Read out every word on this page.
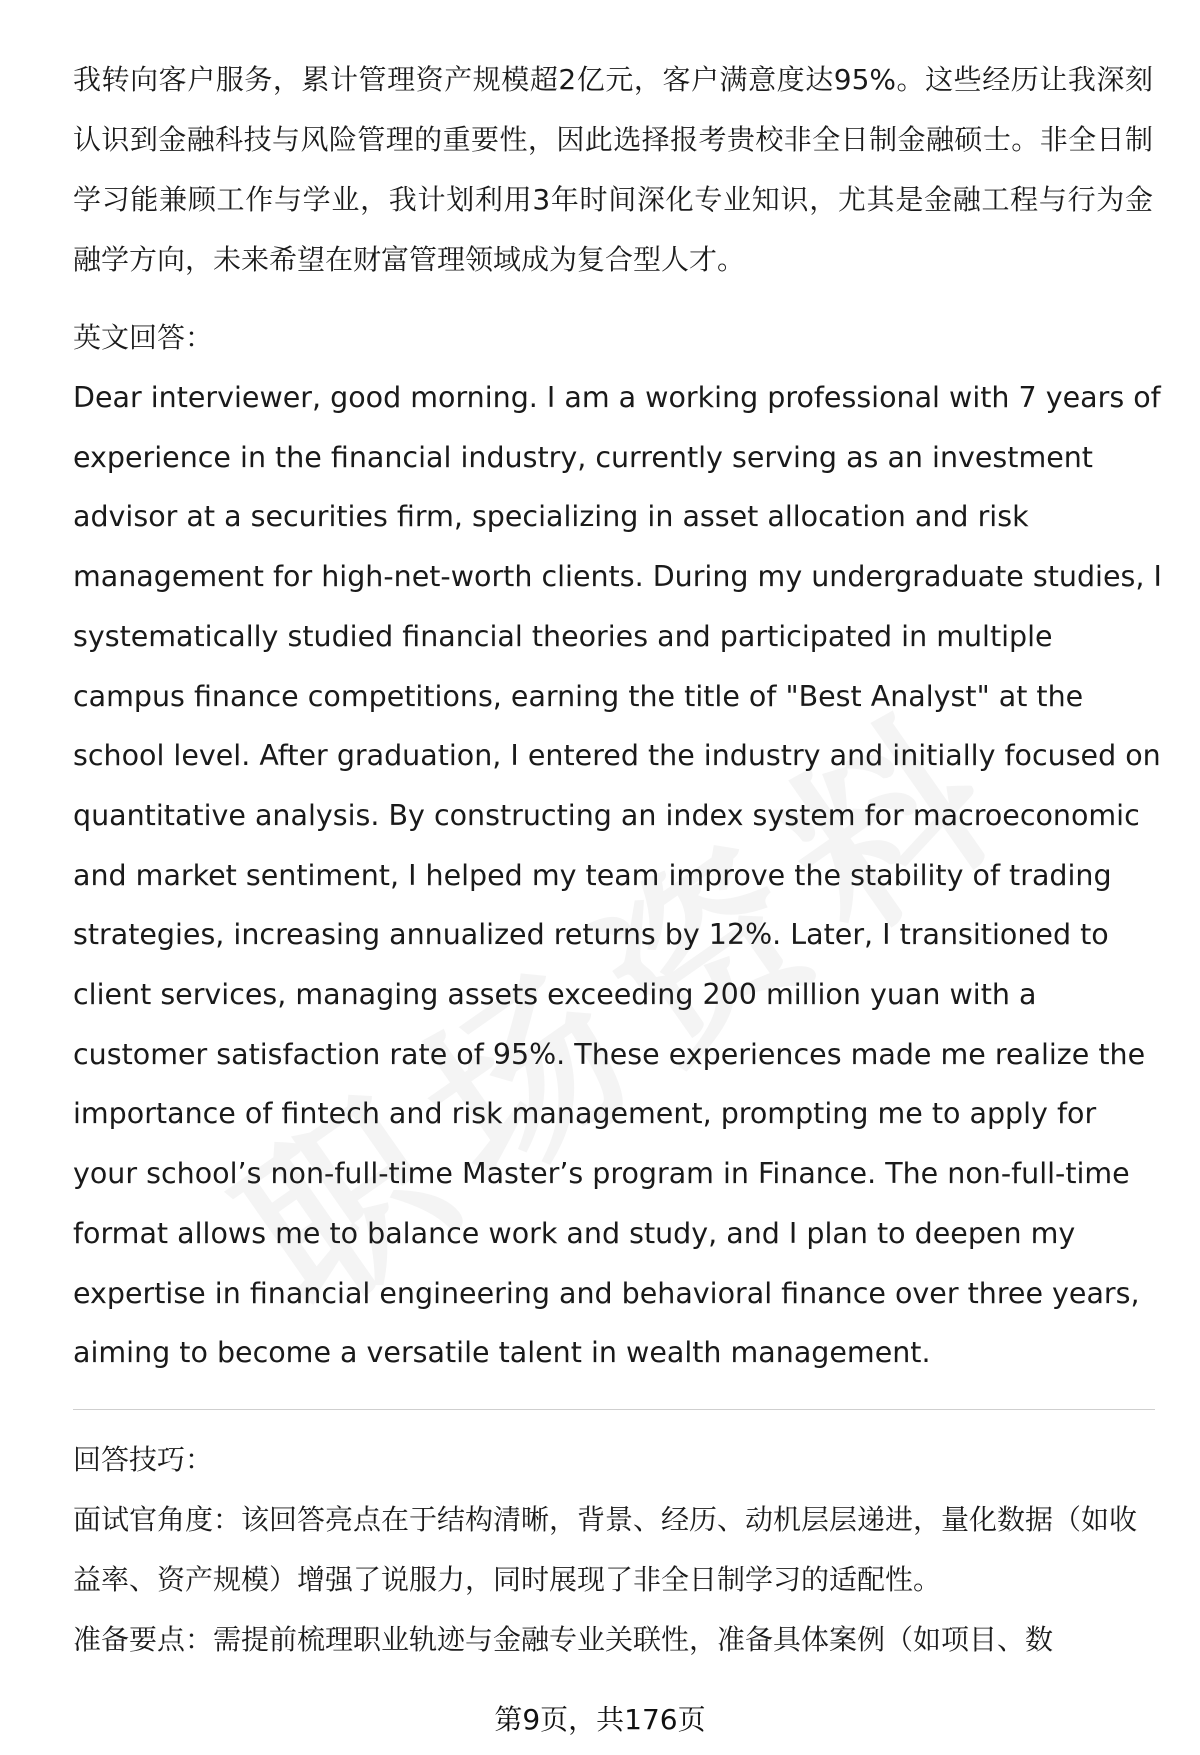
我转向客户服务，累计管理资产规模超2亿元，客户满意度达95%。这些经历让我深刻认识到金融科技与风险管理的重要性，因此选择报考贵校非全日制金融硕士。非全日制学习能兼顾工作与学业，我计划利用3年时间深化专业知识，尤其是金融工程与行为金融学方向，未来希望在财富管理领域成为复合型人才。

英文回答：

Dear interviewer, good morning. I am a working professional with 7 years of experience in the financial industry, currently serving as an investment advisor at a securities firm, specializing in asset allocation and risk management for high-net-worth clients. During my undergraduate studies, I systematically studied financial theories and participated in multiple campus finance competitions, earning the title of "Best Analyst" at the school level. After graduation, I entered the industry and initially focused on quantitative analysis. By constructing an index system for macroeconomic and market sentiment, I helped my team improve the stability of trading strategies, increasing annualized returns by 12%. Later, I transitioned to client services, managing assets exceeding 200 million yuan with a customer satisfaction rate of 95%. These experiences made me realize the importance of fintech and risk management, prompting me to apply for your school’s non-full-time Master’s program in Finance. The non-full-time format allows me to balance work and study, and I plan to deepen my expertise in financial engineering and behavioral finance over three years, aiming to become a versatile talent in wealth management.

回答技巧：

面试官角度：该回答亮点在于结构清晰，背景、经历、动机层层递进，量化数据（如收益率、资产规模）增强了说服力，同时展现了非全日制学习的适配性。

准备要点：需提前梳理职业轨迹与金融专业关联性，准备具体案例（如项目、数

第9页，共176页
